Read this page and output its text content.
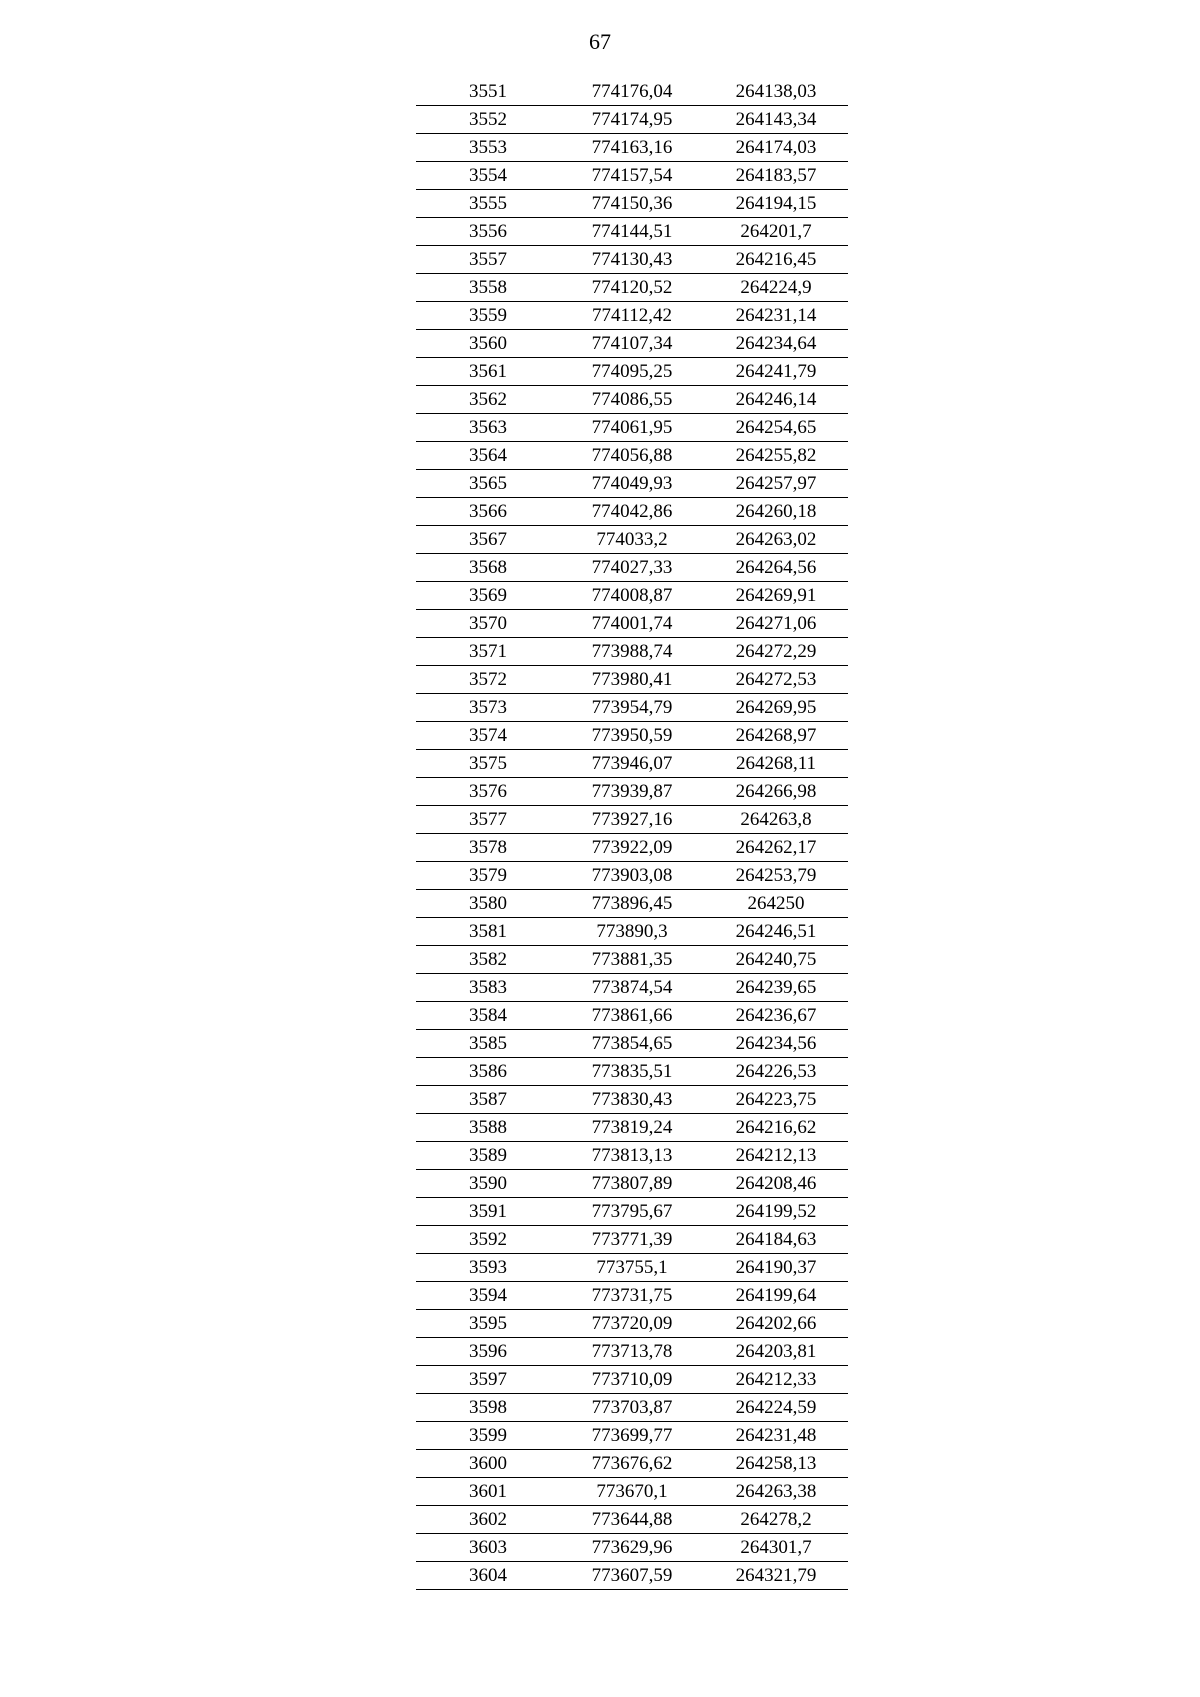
67
3551	774176,04	264138,03
3552	774174,95	264143,34
3553	774163,16	264174,03
3554	774157,54	264183,57
3555	774150,36	264194,15
3556	774144,51	264201,7
3557	774130,43	264216,45
3558	774120,52	264224,9
3559	774112,42	264231,14
3560	774107,34	264234,64
3561	774095,25	264241,79
3562	774086,55	264246,14
3563	774061,95	264254,65
3564	774056,88	264255,82
3565	774049,93	264257,97
3566	774042,86	264260,18
3567	774033,2	264263,02
3568	774027,33	264264,56
3569	774008,87	264269,91
3570	774001,74	264271,06
3571	773988,74	264272,29
3572	773980,41	264272,53
3573	773954,79	264269,95
3574	773950,59	264268,97
3575	773946,07	264268,11
3576	773939,87	264266,98
3577	773927,16	264263,8
3578	773922,09	264262,17
3579	773903,08	264253,79
3580	773896,45	264250
3581	773890,3	264246,51
3582	773881,35	264240,75
3583	773874,54	264239,65
3584	773861,66	264236,67
3585	773854,65	264234,56
3586	773835,51	264226,53
3587	773830,43	264223,75
3588	773819,24	264216,62
3589	773813,13	264212,13
3590	773807,89	264208,46
3591	773795,67	264199,52
3592	773771,39	264184,63
3593	773755,1	264190,37
3594	773731,75	264199,64
3595	773720,09	264202,66
3596	773713,78	264203,81
3597	773710,09	264212,33
3598	773703,87	264224,59
3599	773699,77	264231,48
3600	773676,62	264258,13
3601	773670,1	264263,38
3602	773644,88	264278,2
3603	773629,96	264301,7
3604	773607,59	264321,79
